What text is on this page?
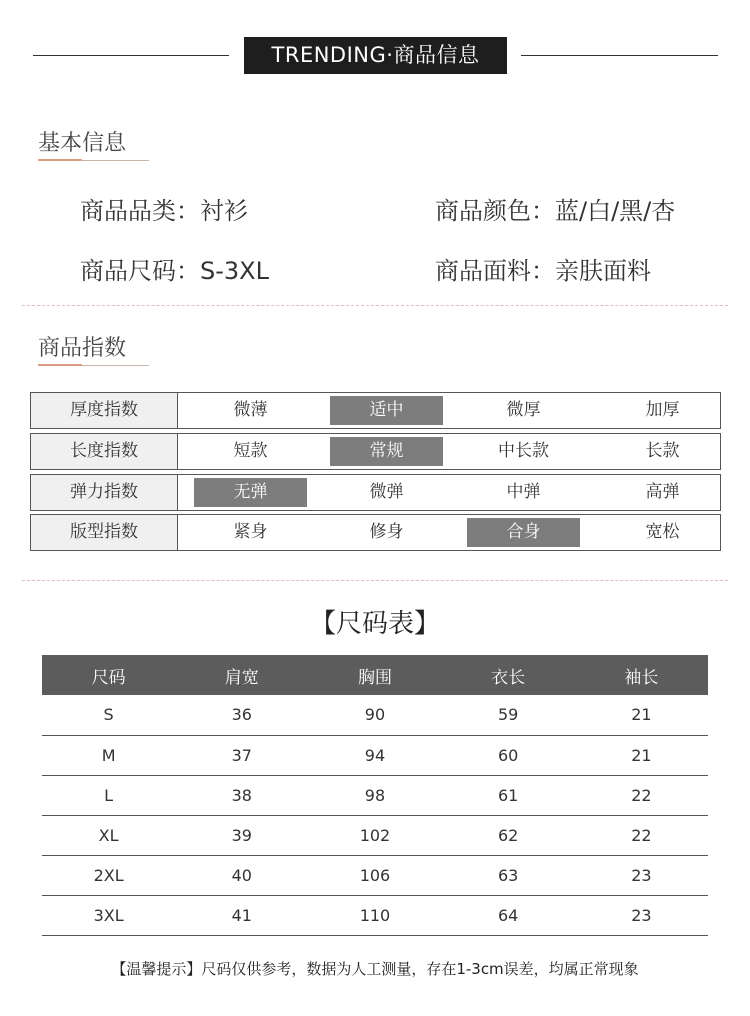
TRENDING·商品信息
基本信息
商品品类：衬衫	商品颜色：蓝/白/黑/杏
商品尺码：S-3XL	商品面料：亲肤面料
商品指数
厚度指数	微薄	适中	微厚	加厚
长度指数	短款	常规	中长款	长款
弹力指数	无弹	微弹	中弹	高弹
版型指数	紧身	修身	合身	宽松
【尺码表】
尺码	肩宽	胸围	衣长	袖长
S	36	90	59	21
M	37	94	60	21
L	38	98	61	22
XL	39	102	62	22
2XL	40	106	63	23
3XL	41	110	64	23
【温馨提示】尺码仅供参考，数据为人工测量，存在1-3cm误差，均属正常现象
